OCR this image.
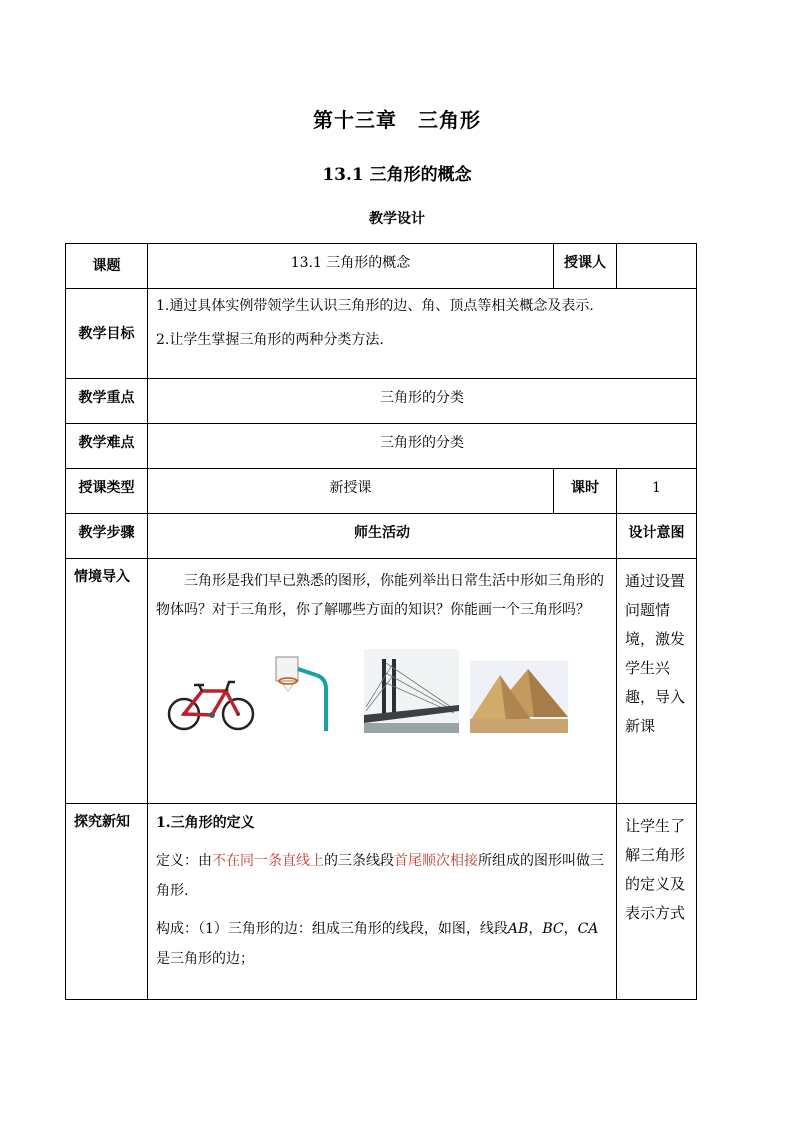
第十三章　三角形
13.1 三角形的概念
教学设计
课题	13.1 三角形的概念	授课人	
教学目标	1.通过具体实例带领学生认识三角形的边、角、顶点等相关概念及表示.

2.让学生掌握三角形的两种分类方法.		

教学重点	三角形的分类		
教学难点	三角形的分类		
授课类型	新授课	课时	1
教学步骤	师生活动		设计意图
情境导入	　　三角形是我们早已熟悉的图形，你能列举出日常生活中形如三角形的物体吗？对于三角形，你了解哪些方面的知识？你能画一个三角形吗？		通过设置问题情境，激发学生兴趣，导入新课
探究新知	1.三角形的定义

定义：由不在同一条直线上的三条线段首尾顺次相接所组成的图形叫做三角形.

构成：（1）三角形的边：组成三角形的线段，如图，线段AB，BC，CA 是三角形的边；		让学生了解三角形的定义及表示方式
